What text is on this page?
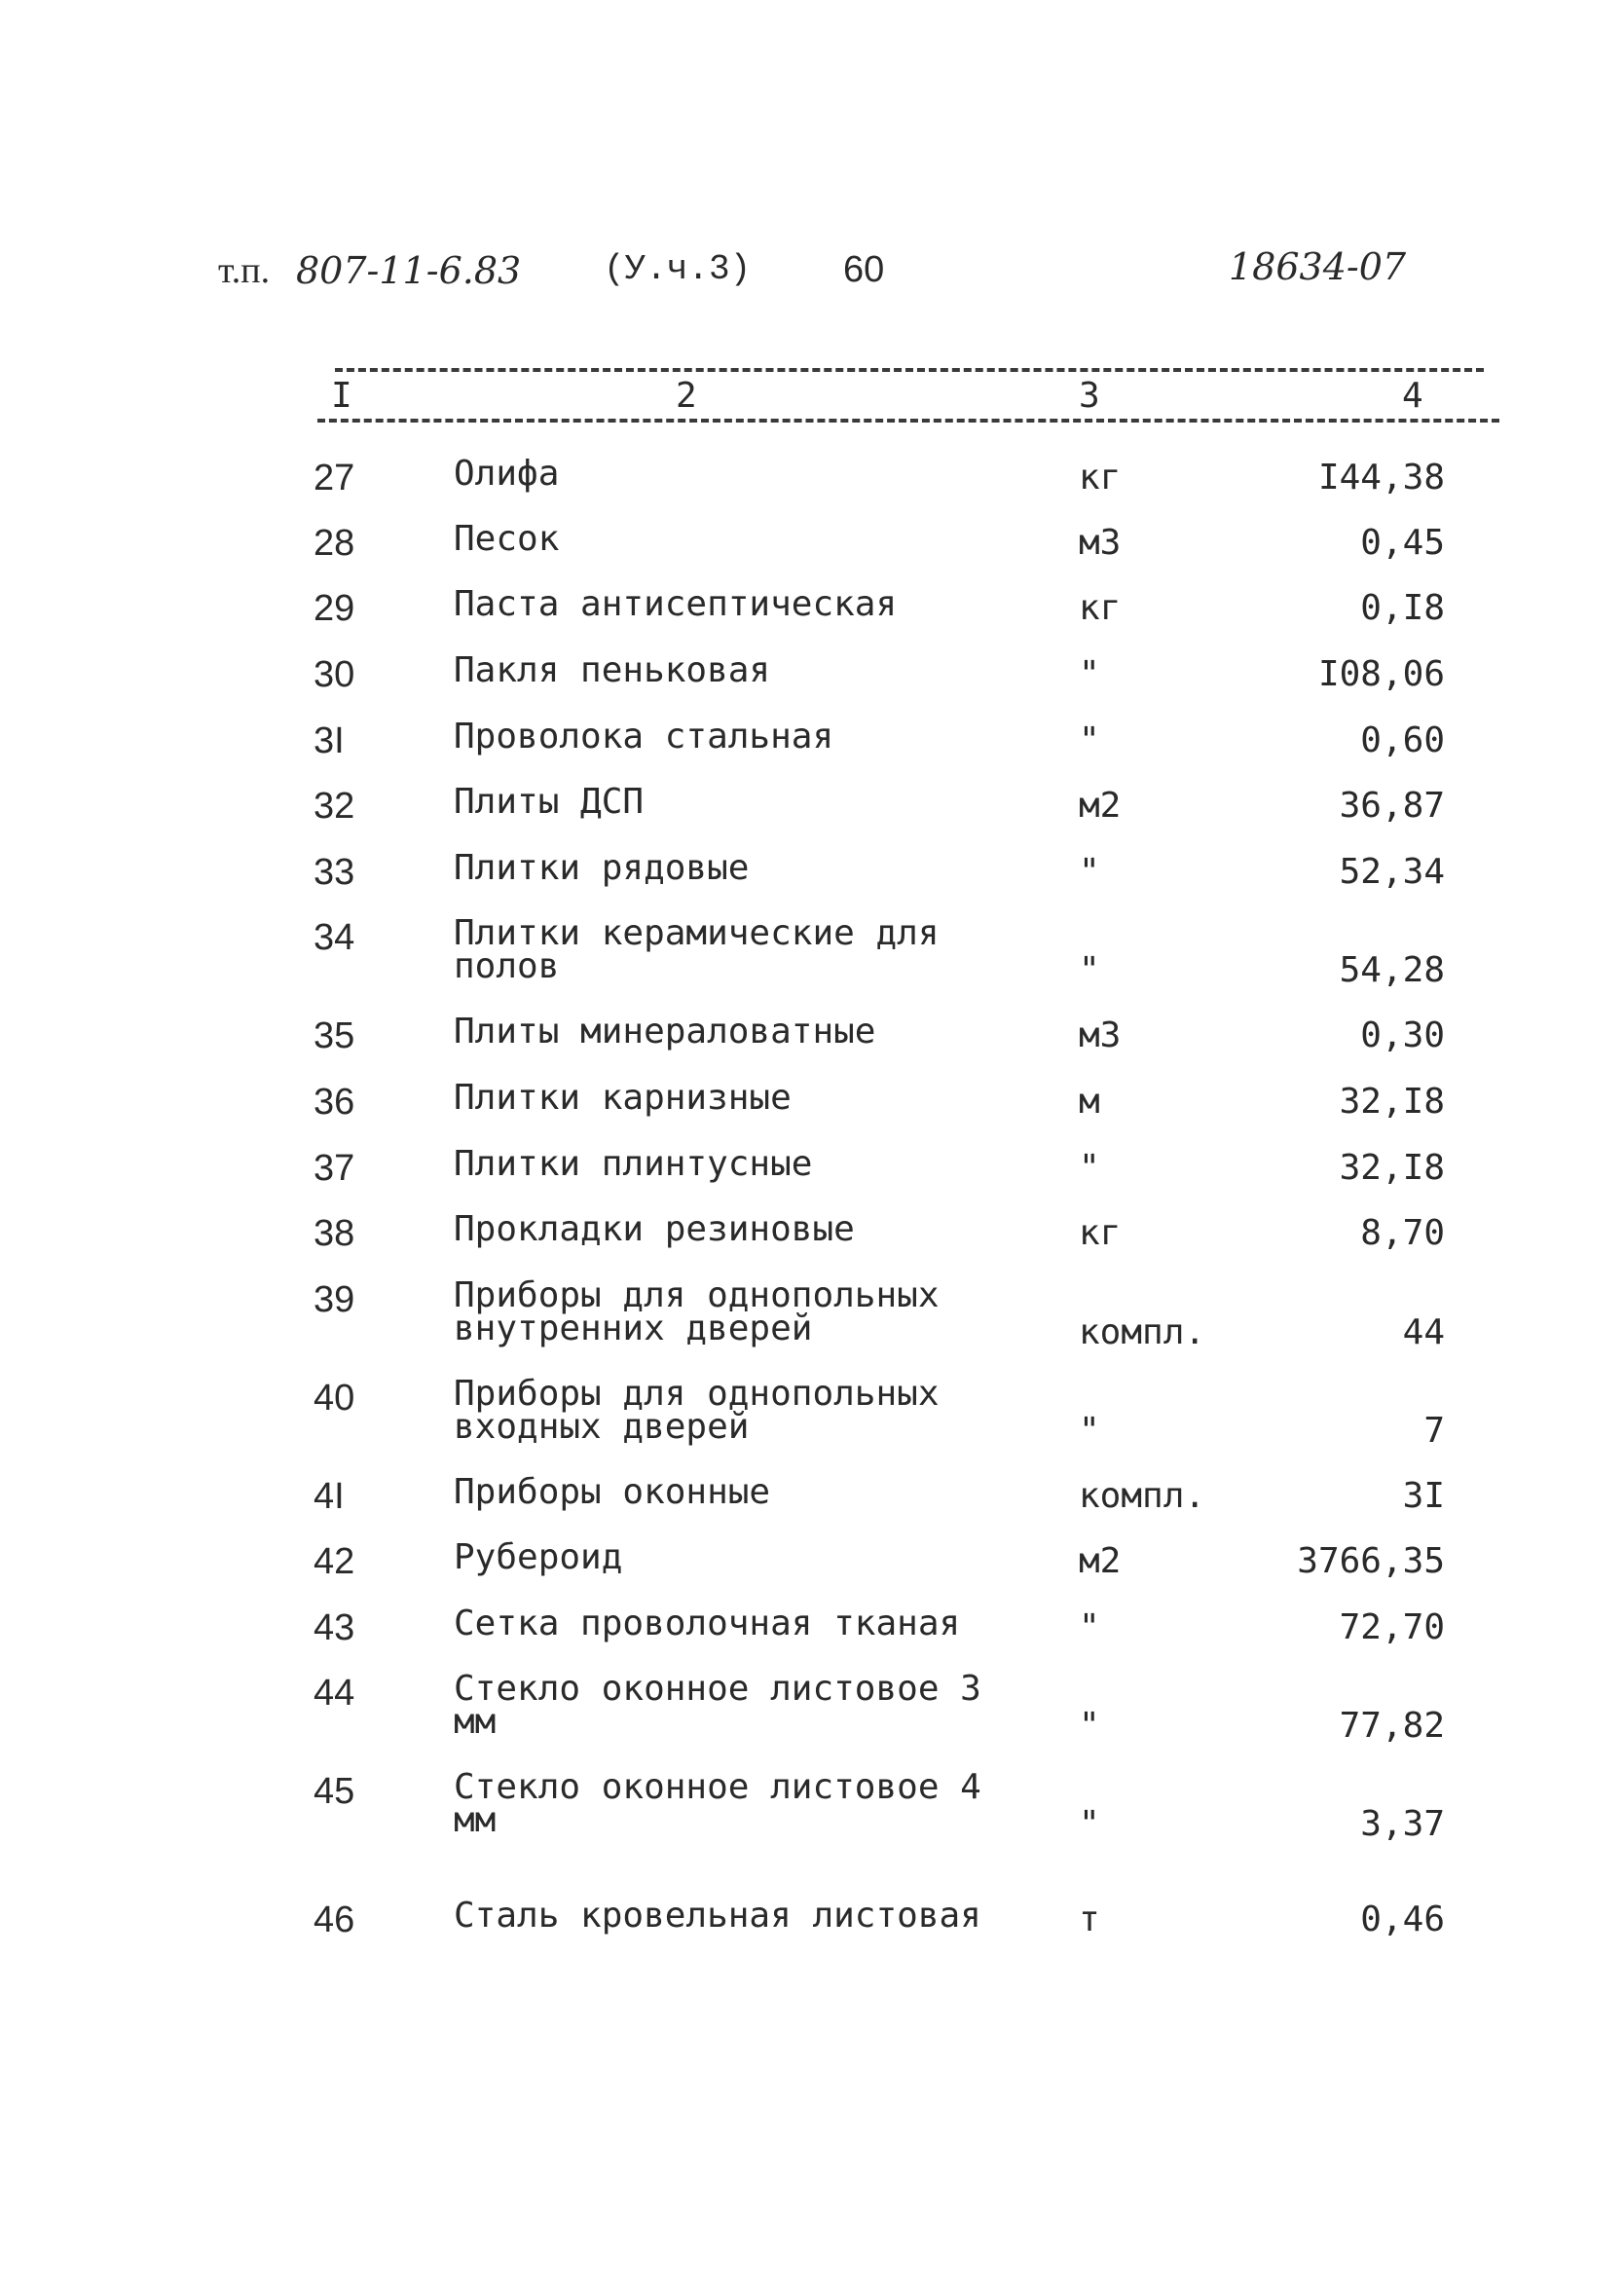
т.п. 807-11-6.83 (У.ч.3) 60	18634-07
I	2	3	4
27	Олифа	кг	I44,38
28	Песок	м3	0,45
29	Паста антисептическая	кг	0,I8
30	Пакля пеньковая	"	I08,06
3I	Проволока стальная	"	0,60
32	Плиты ДСП	м2	36,87
33	Плитки рядовые	"	52,34
34	Плитки керамические для полов	"	54,28
35	Плиты минераловатные	м3	0,30
36	Плитки карнизные	м	32,I8
37	Плитки плинтусные	"	32,I8
38	Прокладки резиновые	кг	8,70
39	Приборы для однопольных внутренних дверей	компл.	44
40	Приборы для однопольных входных дверей	"	7
4I	Приборы оконные	компл.	3I
42	Рубероид	м2	3766,35
43	Сетка проволочная тканая	"	72,70
44	Стекло оконное листовое 3 мм	"	77,82
45	Стекло оконное листовое 4 мм	"	3,37
46	Сталь кровельная листовая	т	0,46
